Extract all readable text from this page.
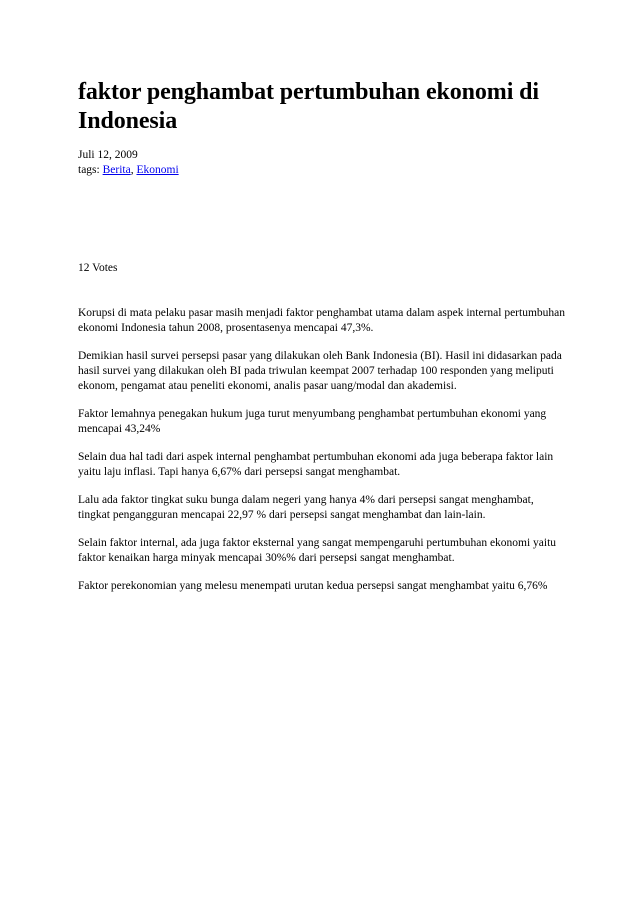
faktor penghambat pertumbuhan ekonomi di Indonesia
Juli 12, 2009
tags: Berita, Ekonomi
12 Votes

Korupsi di mata pelaku pasar masih menjadi faktor penghambat utama dalam aspek internal pertumbuhan ekonomi Indonesia tahun 2008, prosentasenya mencapai 47,3%.

Demikian hasil survei persepsi pasar yang dilakukan oleh Bank Indonesia (BI). Hasil ini didasarkan pada hasil survei yang dilakukan oleh BI pada triwulan keempat 2007 terhadap 100 responden yang meliputi ekonom, pengamat atau peneliti ekonomi, analis pasar uang/modal dan akademisi.

Faktor lemahnya penegakan hukum juga turut menyumbang penghambat pertumbuhan ekonomi yang mencapai 43,24%

Selain dua hal tadi dari aspek internal penghambat pertumbuhan ekonomi ada juga beberapa faktor lain yaitu laju inflasi. Tapi hanya 6,67% dari persepsi sangat menghambat.

Lalu ada faktor tingkat suku bunga dalam negeri yang hanya 4% dari persepsi sangat menghambat, tingkat pengangguran mencapai 22,97 % dari persepsi sangat menghambat dan lain-lain.

Selain faktor internal, ada juga faktor eksternal yang sangat mempengaruhi pertumbuhan ekonomi yaitu faktor kenaikan harga minyak mencapai 30%% dari persepsi sangat menghambat.

Faktor perekonomian yang melesu menempati urutan kedua persepsi sangat menghambat yaitu 6,76%
